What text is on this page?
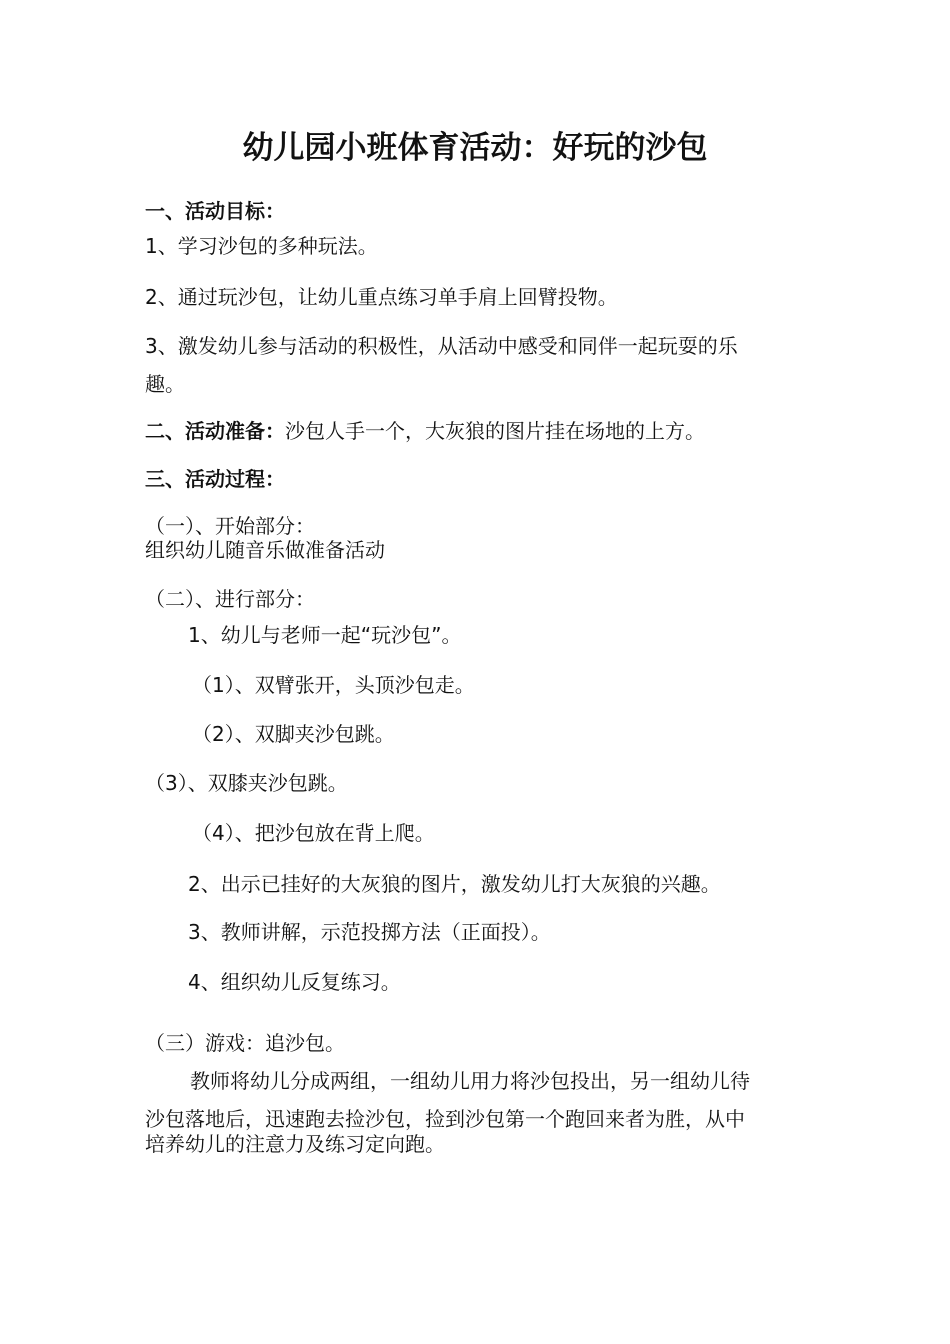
幼儿园小班体育活动：好玩的沙包
一、活动目标：
1、学习沙包的多种玩法。
2、通过玩沙包，让幼儿重点练习单手肩上回臂投物。
3、激发幼儿参与活动的积极性，从活动中感受和同伴一起玩耍的乐
趣。
二、活动准备：沙包人手一个，大灰狼的图片挂在场地的上方。
三、活动过程：
（一）、开始部分：
组织幼儿随音乐做准备活动
（二）、进行部分：
1、幼儿与老师一起“玩沙包”。
（1）、双臂张开，头顶沙包走。
（2）、双脚夹沙包跳。
（3）、双膝夹沙包跳。
（4）、把沙包放在背上爬。
2、出示已挂好的大灰狼的图片，激发幼儿打大灰狼的兴趣。
3、教师讲解，示范投掷方法（正面投）。
4、组织幼儿反复练习。
（三）游戏：追沙包。
教师将幼儿分成两组，一组幼儿用力将沙包投出，另一组幼儿待
沙包落地后，迅速跑去捡沙包，捡到沙包第一个跑回来者为胜，从中
培养幼儿的注意力及练习定向跑。
